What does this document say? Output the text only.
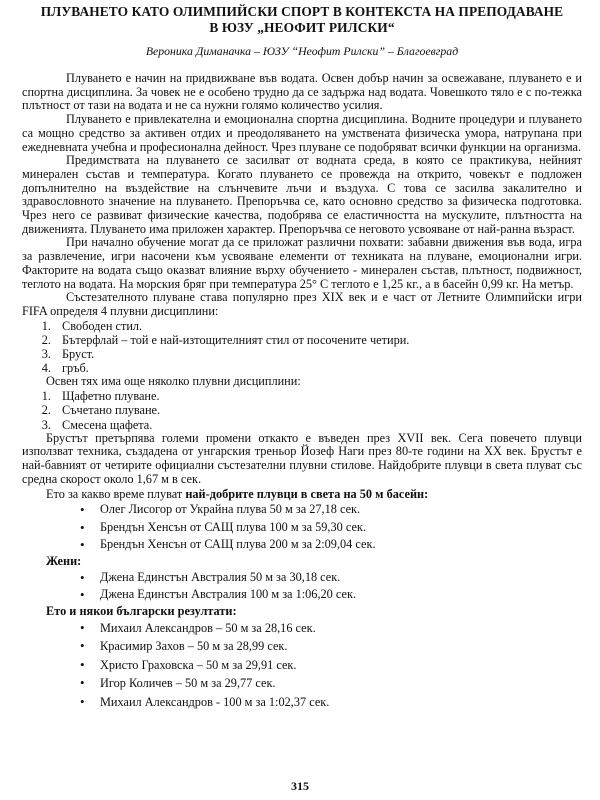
ПЛУВАНЕТО КАТО ОЛИМПИЙСКИ СПОРТ В КОНТЕКСТА НА ПРЕПОДАВАНЕ
В ЮЗУ „НЕОФИТ РИЛСКИ“
Вероника Диманачка – ЮЗУ “Неофит Рилски” – Благоевград

Плуването е начин на придвижване във водата. Освен добър начин за освежаване, плуването е и спортна дисциплина. За човек не е особено трудно да се задържа над водата. Човешкото тяло е с по-тежка плътност от тази на водата и не са нужни голямо количество усилия.

Плуването е привлекателна и емоционална спортна дисциплина. Водните процедури и плуването са мощно средство за активен отдих и преодоляването на умствената физическа умора, натрупана при ежедневната учебна и професионална дейност. Чрез плуване се подобряват всички функции на организма.

Предимствата на плуването се засилват от водната среда, в която се практикува, нейният минерален състав и температура. Когато плуването се провежда на открито, човекът е подложен допълнително на въздействие на слънчевите лъчи и въздуха. С това се засилва закалително и здравословното значение на плуването. Препоръчва се, като основно средство за физическа подготовка. Чрез него се развиват физические качества, подобрява се еластичността на мускулите, плътността на движенията. Плуването има приложен характер. Препоръчва се неговото усвояване от най-ранна възраст.

При начално обучение могат да се приложат различни похвати: забавни движения във вода, игра за развлечение, игри насочени към усвояване елементи от техниката на плуване, емоционални игри. Факторите на водата също оказват влияние върху обучението - минерален състав, плътност, подвижност, теглото на водата. На морския бряг при температура 25° С теглото е 1,25 кг., а в басейн 0,99 кг. На метър.

Състезателното плуване става популярно през XIX век и е част от Летните Олимпийски игри FIFA определя 4 плувни дисциплини:

1. Свободен стил.
2. Бътерфлай – той е най-изтощителният стил от посочените четири.
3. Бруст.
4. гръб.

Освен тях има още няколко плувни дисциплини:

1. Щафетно плуване.
2. Съчетано плуване.
3. Смесена щафета.

Брустът претърпява големи промени откакто е въведен през XVII век. Сега повечето плувци използват техника, създадена от унгарския треньор Йозеф Наги през 80-те години на XX век. Брустът е най-бавният от четирите официални състезателни плувни стилове. Найдобрите плувци в света плуват със средна скорост около 1,67 м в сек.

Ето за какво време плуват най-добрите плувци в света на 50 м басейн:

• Олег Лисогор от Украйна плува 50 м за 27,18 сек.
• Брендън Хенсън от САЩ плува 100 м за 59,30 сек.
• Брендън Хенсън от САЩ плува 200 м за 2:09,04 сек.

Жени:

• Джена Единстън Австралия 50 м за 30,18 сек.
• Джена Единстън Австралия 100 м за 1:06,20 сек.

Ето и някои български резултати:

• Михаил Александров – 50 м за 28,16 сек.
• Красимир Захов – 50 м за 28,99 сек.
• Христо Граховска – 50 м за 29,91 сек.
• Игор Количев – 50 м за 29,77 сек.
• Михаил Александров - 100 м за 1:02,37 сек.
315
